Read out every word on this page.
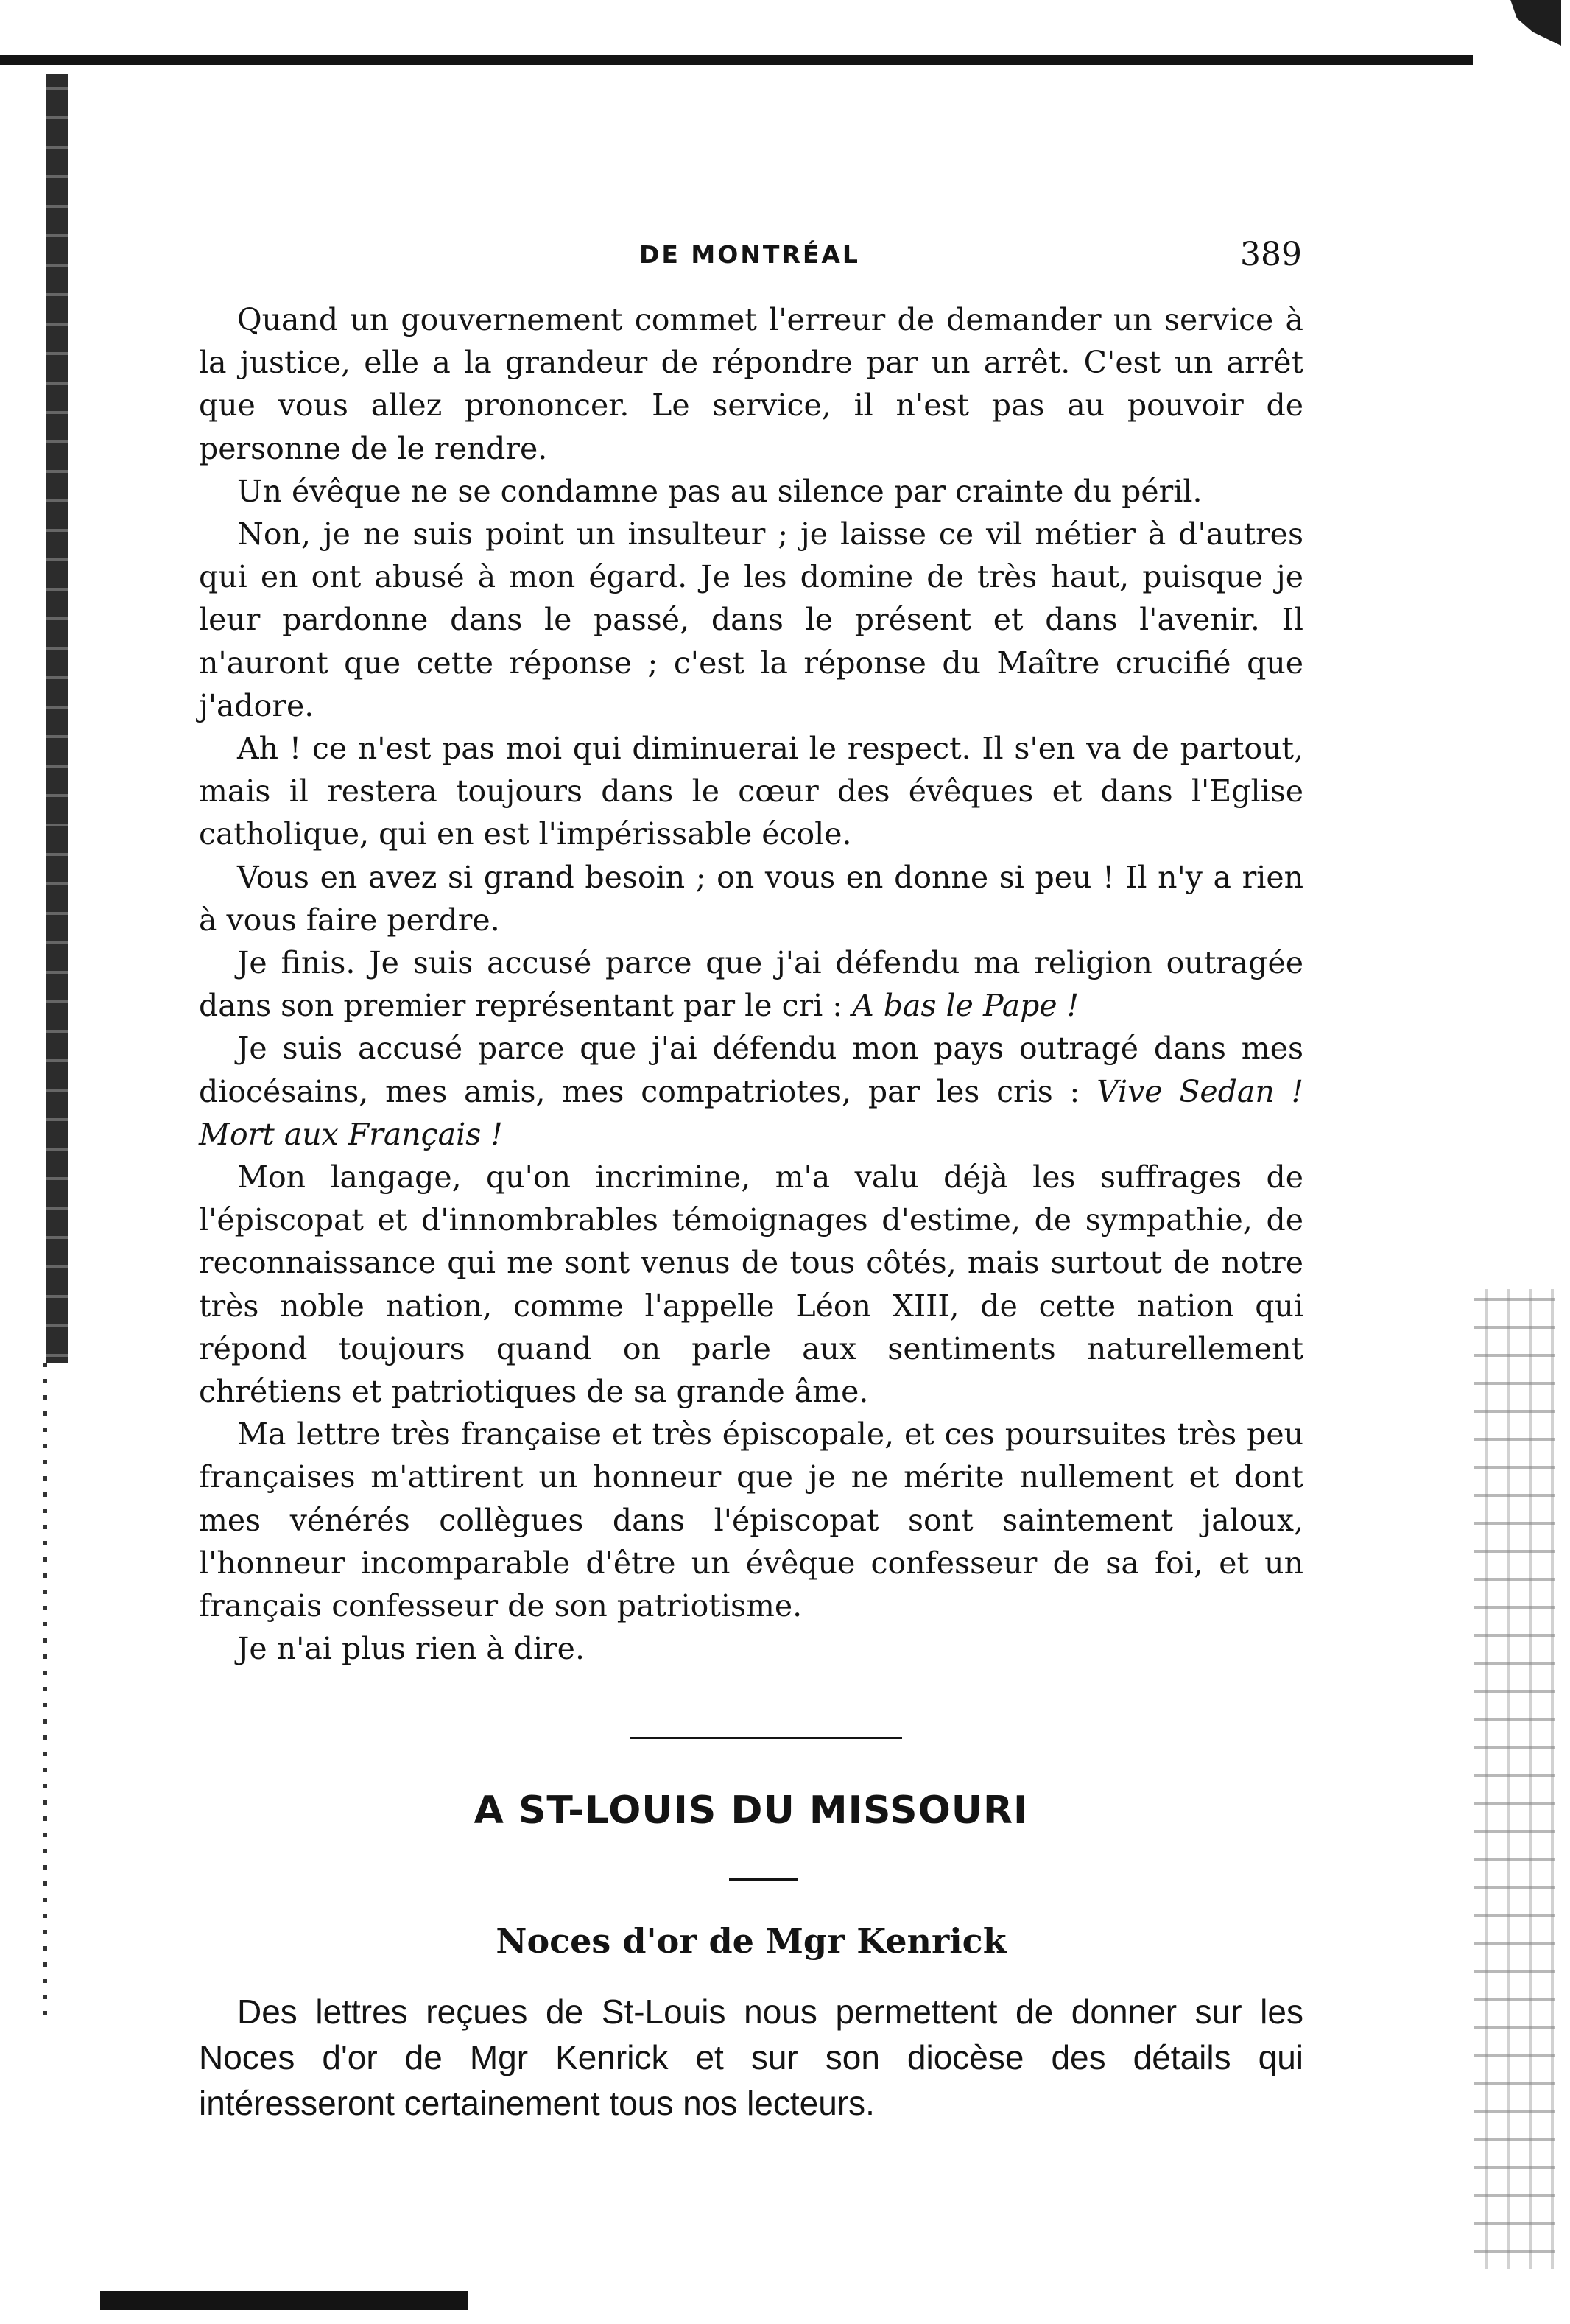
DE MONTRÉAL	389

Quand un gouvernement commet l'erreur de demander un service à la justice, elle a la grandeur de répondre par un arrêt. C'est un arrêt que vous allez prononcer. Le service, il n'est pas au pouvoir de personne de le rendre.

Un évêque ne se condamne pas au silence par crainte du péril.

Non, je ne suis point un insulteur ; je laisse ce vil métier à d'autres qui en ont abusé à mon égard. Je les domine de très haut, puisque je leur pardonne dans le passé, dans le présent et dans l'avenir. Il n'auront que cette réponse ; c'est la réponse du Maître crucifié que j'adore.

Ah ! ce n'est pas moi qui diminuerai le respect. Il s'en va de partout, mais il restera toujours dans le cœur des évêques et dans l'Eglise catholique, qui en est l'impérissable école.

Vous en avez si grand besoin ; on vous en donne si peu ! Il n'y a rien à vous faire perdre.

Je finis. Je suis accusé parce que j'ai défendu ma religion outragée dans son premier représentant par le cri : A bas le Pape !

Je suis accusé parce que j'ai défendu mon pays outragé dans mes diocésains, mes amis, mes compatriotes, par les cris : Vive Sedan ! Mort aux Français !

Mon langage, qu'on incrimine, m'a valu déjà les suffrages de l'épiscopat et d'innombrables témoignages d'estime, de sympathie, de reconnaissance qui me sont venus de tous côtés, mais surtout de notre très noble nation, comme l'appelle Léon XIII, de cette nation qui répond toujours quand on parle aux sentiments naturellement chrétiens et patriotiques de sa grande âme.

Ma lettre très française et très épiscopale, et ces poursuites très peu françaises m'attirent un honneur que je ne mérite nullement et dont mes vénérés collègues dans l'épiscopat sont saintement jaloux, l'honneur incomparable d'être un évêque confesseur de sa foi, et un français confesseur de son patriotisme.

Je n'ai plus rien à dire.

A ST-LOUIS DU MISSOURI
Noces d'or de Mgr Kenrick

Des lettres reçues de St-Louis nous permettent de donner sur les Noces d'or de Mgr Kenrick et sur son diocèse des détails qui intéresseront certainement tous nos lecteurs.
